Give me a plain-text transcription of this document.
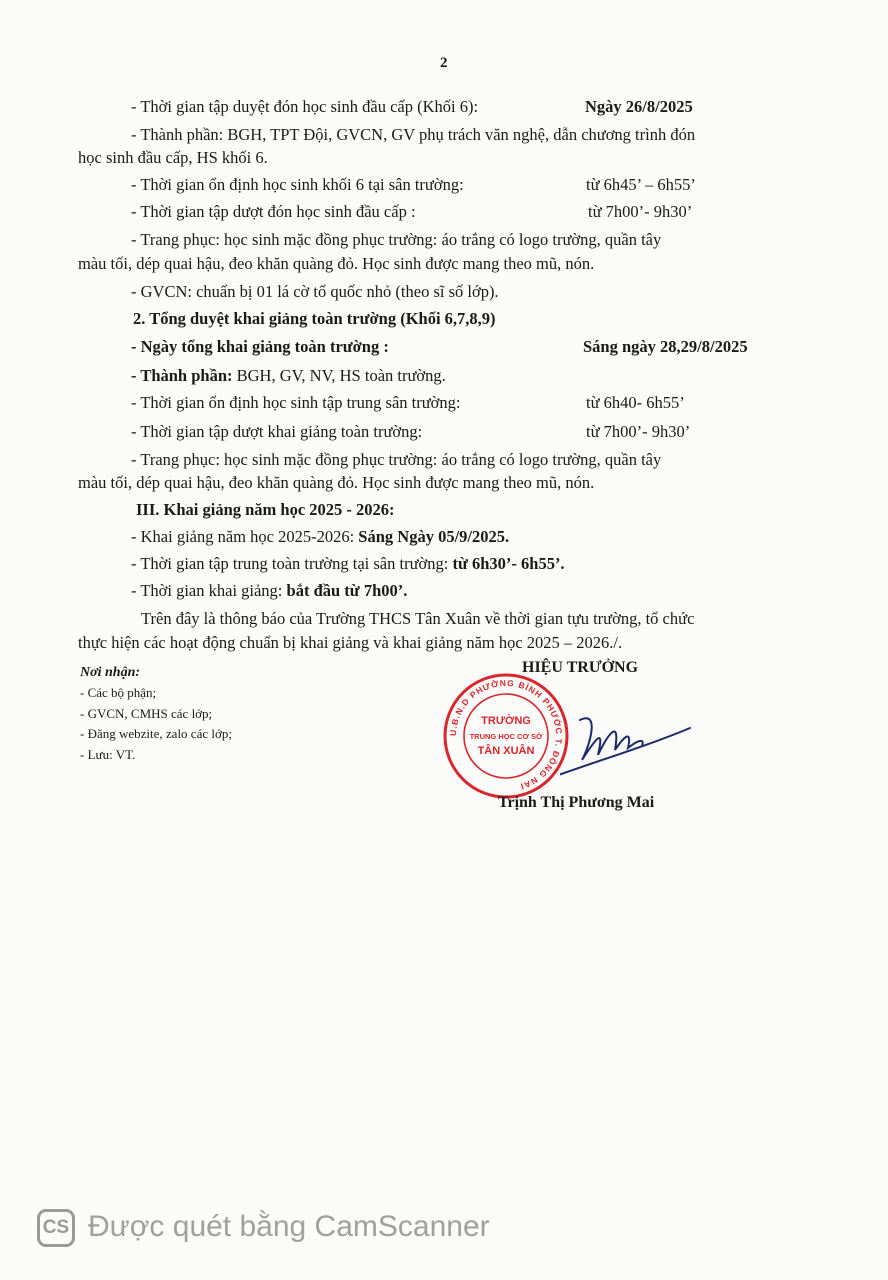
2
- Thời gian tập duyệt đón học sinh đầu cấp (Khối 6):	Ngày 26/8/2025
- Thành phần: BGH, TPT Đội, GVCN, GV phụ trách văn nghệ, dẫn chương trình đón
học sinh đầu cấp, HS khối 6.
- Thời gian ổn định học sinh khối 6 tại sân trường:	từ 6h45’ – 6h55’
- Thời gian tập dượt đón học sinh đầu cấp :	từ 7h00’- 9h30’
- Trang phục: học sinh mặc đồng phục trường: áo trắng có logo trường, quần tây
màu tối, dép quai hậu, đeo khăn quàng đỏ. Học sinh được mang theo mũ, nón.
- GVCN: chuẩn bị 01 lá cờ tổ quốc nhỏ (theo sĩ số lớp).
2. Tổng duyệt khai giảng toàn trường (Khối 6,7,8,9)
- Ngày tổng khai giảng toàn trường :	Sáng ngày 28,29/8/2025
- Thành phần: BGH, GV, NV, HS toàn trường.
- Thời gian ổn định học sinh tập trung sân trường:	từ 6h40- 6h55’
- Thời gian tập dượt khai giảng toàn trường:	từ 7h00’- 9h30’
- Trang phục: học sinh mặc đồng phục trường: áo trắng có logo trường, quần tây
màu tối, dép quai hậu, đeo khăn quàng đỏ. Học sinh được mang theo mũ, nón.
III. Khai giảng năm học 2025 - 2026:
- Khai giảng năm học 2025-2026: Sáng Ngày 05/9/2025.
- Thời gian tập trung toàn trường tại sân trường: từ 6h30’- 6h55’.
- Thời gian khai giảng: bắt đầu từ 7h00’.
Trên đây là thông báo của Trường THCS Tân Xuân về thời gian tựu trường, tổ chức
thực hiện các hoạt động chuẩn bị khai giảng và khai giảng năm học 2025 – 2026./.
Nơi nhận:
- Các bộ phận;
- GVCN, CMHS các lớp;
- Đăng webzite, zalo các lớp;
- Lưu: VT.
HIỆU TRƯỞNG
U.B.N.D PHƯỜNG BÌNH PHƯỚC T. ĐỒNG NAI
TRƯỜNG
TRUNG HỌC CƠ SỞ
TÂN XUÂN
Trịnh Thị Phương Mai
CS Được quét bằng CamScanner
